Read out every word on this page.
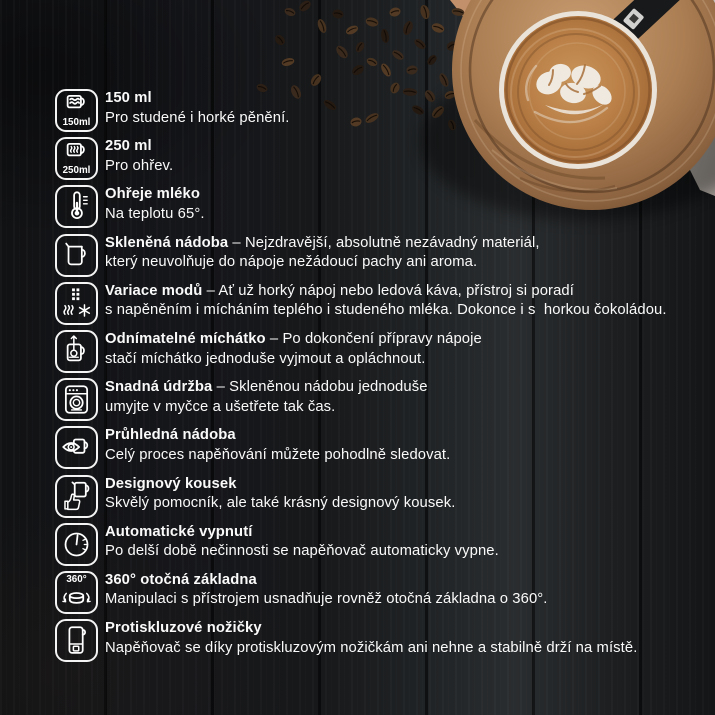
150ml

150 ml

Pro studené i horké pěnění.

250ml

250 ml

Pro ohřev.

Ohřeje mléko

Na teplotu 65°.

Skleněná nádoba – Nejzdravější, absolutně nezávadný materiál,

který neuvolňuje do nápoje nežádoucí pachy ani aroma.

Variace modů – Ať už horký nápoj nebo ledová káva, přístroj si poradí

s napěněním i mícháním teplého i studeného mléka. Dokonce i s  horkou čokoládou.

Odnímatelné míchátko – Po dokončení přípravy nápoje

stačí míchátko jednoduše vyjmout a opláchnout.

Snadná údržba – Skleněnou nádobu jednoduše

umyjte v myčce a ušetřete tak čas.

Průhledná nádoba

Celý proces napěňování můžete pohodlně sledovat.

Designový kousek

Skvělý pomocník, ale také krásný designový kousek.

Automatické vypnutí

Po delší době nečinnosti se napěňovač automaticky vypne.

360°	360° otočná základna

Manipulaci s přístrojem usnadňuje rovněž otočná základna o 360°.

Protiskluzové nožičky

Napěňovač se díky protiskluzovým nožičkám ani nehne a stabilně drží na místě.
